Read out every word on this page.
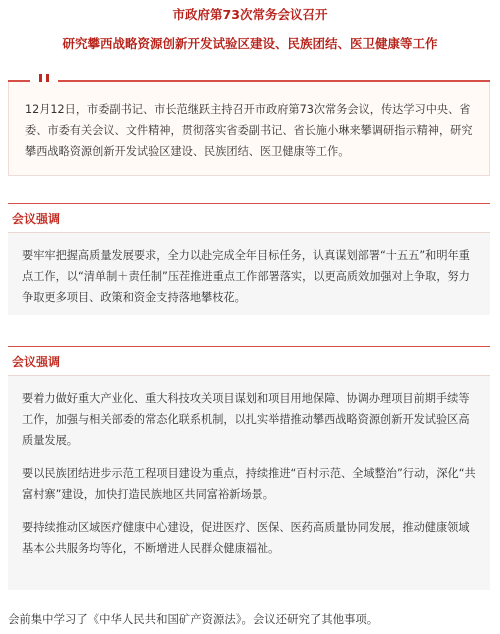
市政府第73次常务会议召开
研究攀西战略资源创新开发试验区建设、民族团结、医卫健康等工作
12月12日，市委副书记、市长范继跃主持召开市政府第73次常务会议，传达学习中央、省委、市委有关会议、文件精神，贯彻落实省委副书记、省长施小琳来攀调研指示精神，研究攀西战略资源创新开发试验区建设、民族团结、医卫健康等工作。
会议强调

要牢牢把握高质量发展要求，全力以赴完成全年目标任务，认真谋划部署“十五五”和明年重点工作，以“清单制＋责任制”压茬推进重点工作部署落实，以更高质效加强对上争取，努力争取更多项目、政策和资金支持落地攀枝花。

会议强调

要着力做好重大产业化、重大科技攻关项目谋划和项目用地保障、协调办理项目前期手续等工作，加强与相关部委的常态化联系机制，以扎实举措推动攀西战略资源创新开发试验区高质量发展。

要以民族团结进步示范工程项目建设为重点，持续推进“百村示范、全域整治”行动，深化“共富村寨”建设，加快打造民族地区共同富裕新场景。

要持续推动区域医疗健康中心建设，促进医疗、医保、医药高质量协同发展，推动健康领域基本公共服务均等化，不断增进人民群众健康福祉。

会前集中学习了《中华人民共和国矿产资源法》。会议还研究了其他事项。
